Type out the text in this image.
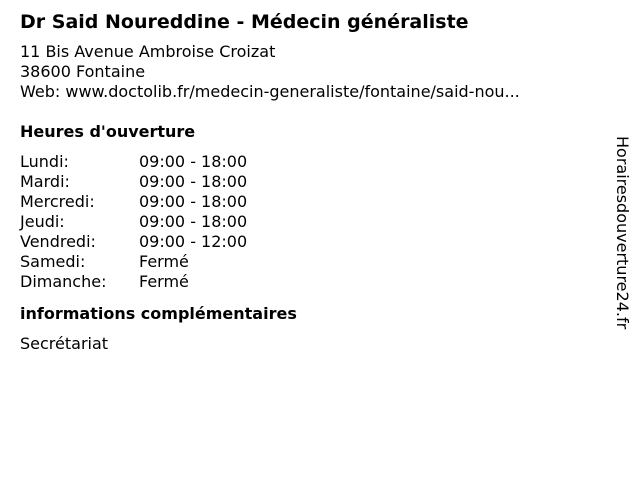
Dr Said Noureddine - Médecin généraliste
11 Bis Avenue Ambroise Croizat
38600 Fontaine
Web: www.doctolib.fr/medecin-generaliste/fontaine/said-nou...
Heures d'ouverture
Lundi:	09:00 - 18:00
Mardi:	09:00 - 18:00
Mercredi:	09:00 - 18:00
Jeudi:	09:00 - 18:00
Vendredi:	09:00 - 12:00
Samedi:	Fermé
Dimanche:	Fermé
informations complémentaires
Secrétariat
Horairesdouverture24.fr
